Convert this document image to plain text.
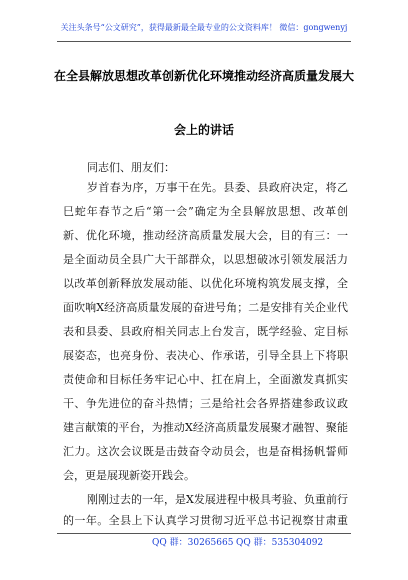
关注头条号“公文研究”，获得最新最全最专业的公文资料库！ 微信：gongwenyj
在全县解放思想改革创新优化环境推动经济高质量发展大
会上的讲话
同志们、朋友们：
岁首春为序，万事干在先。县委、县政府决定，将乙
巳蛇年春节之后“第一会”确定为全县解放思想、改革创
新、优化环境，推动经济高质量发展大会，目的有三：一
是全面动员全县广大干部群众，以思想破冰引领发展活力
以改革创新释放发展动能、以优化环境构筑发展支撑，全
面吹响X经济高质量发展的奋进号角；二是安排有关企业代
表和县委、县政府相关同志上台发言，既学经验、定目标
展姿态，也亮身份、表决心、作承诺，引导全县上下将职
责使命和目标任务牢记心中、扛在肩上，全面激发真抓实
干、争先进位的奋斗热情；三是给社会各界搭建参政议政
建言献策的平台，为推动X经济高质量发展聚才融智、聚能
汇力。这次会议既是击鼓奋令动员会，也是奋楫扬帆誓师
会，更是展现新姿开践会。
刚刚过去的一年，是X发展进程中极具考验、负重前行
的一年。全县上下认真学习贯彻习近平总书记视察甘肃重
QQ 群：30265665 QQ 群：535304092
